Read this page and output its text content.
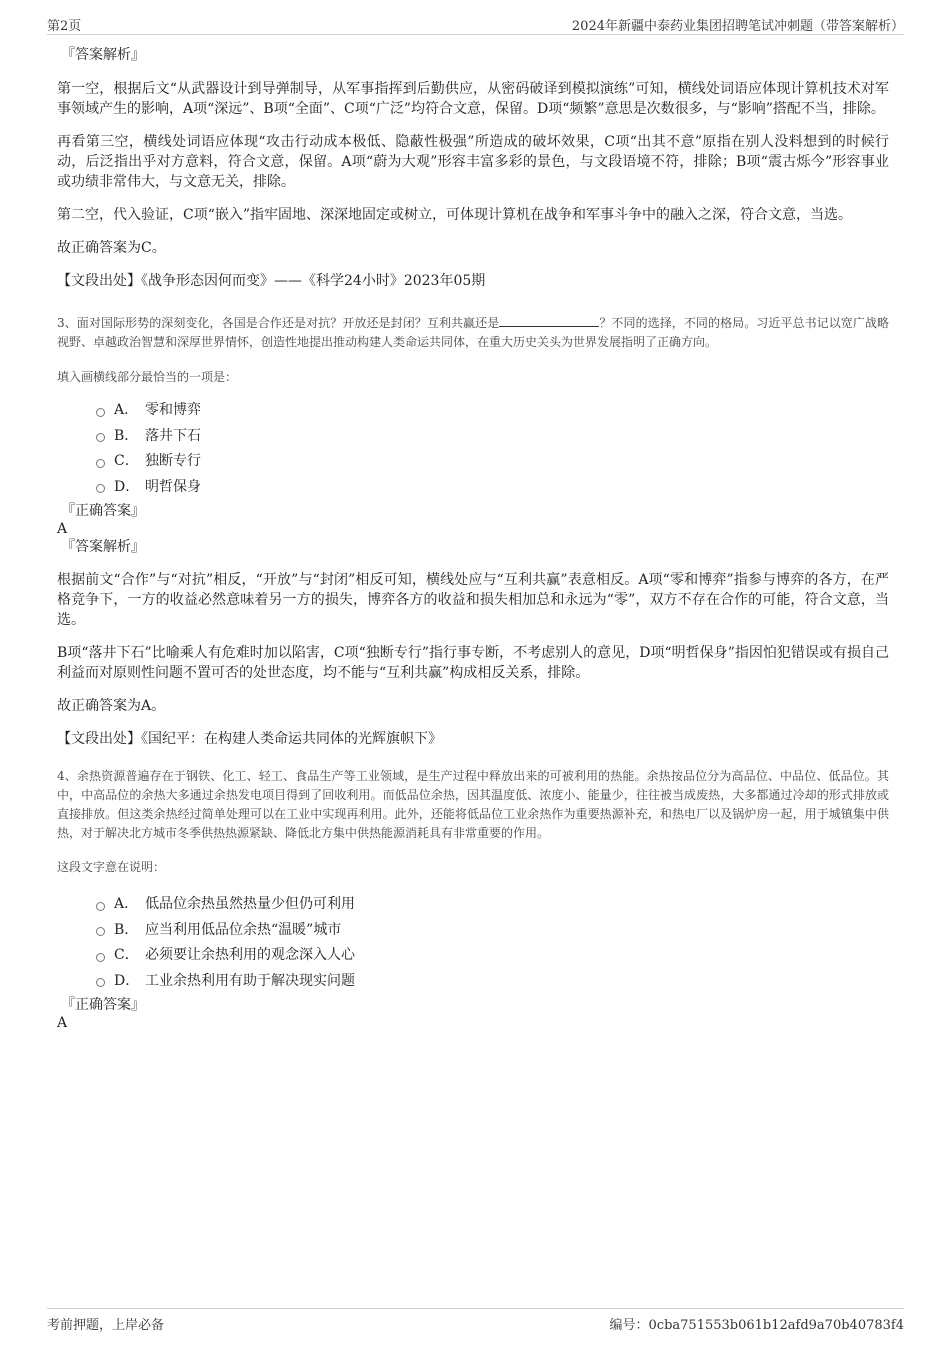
第2页	2024年新疆中泰药业集团招聘笔试冲刺题（带答案解析）
『答案解析』

第一空，根据后文“从武器设计到导弹制导，从军事指挥到后勤供应，从密码破译到模拟演练”可知，横线处词语应体现计算机技术对军事领域产生的影响，A项“深远”、B项“全面”、C项“广泛”均符合文意，保留。D项“频繁”意思是次数很多，与“影响”搭配不当，排除。

再看第三空，横线处词语应体现“攻击行动成本极低、隐蔽性极强”所造成的破坏效果，C项“出其不意”原指在别人没料想到的时候行动，后泛指出乎对方意料，符合文意，保留。A项“蔚为大观”形容丰富多彩的景色，与文段语境不符，排除；B项“震古烁今”形容事业或功绩非常伟大，与文意无关，排除。

第二空，代入验证，C项“嵌入”指牢固地、深深地固定或树立，可体现计算机在战争和军事斗争中的融入之深，符合文意，当选。

故正确答案为C。

【文段出处】《战争形态因何而变》——《科学24小时》2023年05期

3、面对国际形势的深刻变化，各国是合作还是对抗？开放还是封闭？互利共赢还是	？不同的选择，不同的格局。习近平总书记以宽广战略视野、卓越政治智慧和深厚世界情怀，创造性地提出推动构建人类命运共同体，在重大历史关头为世界发展指明了正确方向。

填入画横线部分最恰当的一项是：

A． 零和博弈
B． 落井下石
C． 独断专行
D． 明哲保身
『正确答案』

A

『答案解析』

根据前文“合作”与“对抗”相反，“开放”与“封闭”相反可知，横线处应与“互利共赢”表意相反。A项“零和博弈”指参与博弈的各方，在严格竞争下，一方的收益必然意味着另一方的损失，博弈各方的收益和损失相加总和永远为“零”，双方不存在合作的可能，符合文意，当选。

B项“落井下石”比喻乘人有危难时加以陷害，C项“独断专行”指行事专断，不考虑别人的意见，D项“明哲保身”指因怕犯错误或有损自己利益而对原则性问题不置可否的处世态度，均不能与“互利共赢”构成相反关系，排除。

故正确答案为A。

【文段出处】《国纪平：在构建人类命运共同体的光辉旗帜下》

4、余热资源普遍存在于钢铁、化工、轻工、食品生产等工业领域，是生产过程中释放出来的可被利用的热能。余热按品位分为高品位、中品位、低品位。其中，中高品位的余热大多通过余热发电项目得到了回收利用。而低品位余热，因其温度低、浓度小、能量少，往往被当成废热，大多都通过冷却的形式排放或直接排放。但这类余热经过简单处理可以在工业中实现再利用。此外，还能将低品位工业余热作为重要热源补充，和热电厂以及锅炉房一起，用于城镇集中供热，对于解决北方城市冬季供热热源紧缺、降低北方集中供热能源消耗具有非常重要的作用。

这段文字意在说明：

A． 低品位余热虽然热量少但仍可利用
B． 应当利用低品位余热“温暖”城市
C． 必须要让余热利用的观念深入人心
D． 工业余热利用有助于解决现实问题
『正确答案』

A

考前押题，上岸必备	编号：0cba751553b061b12afd9a70b40783f4
